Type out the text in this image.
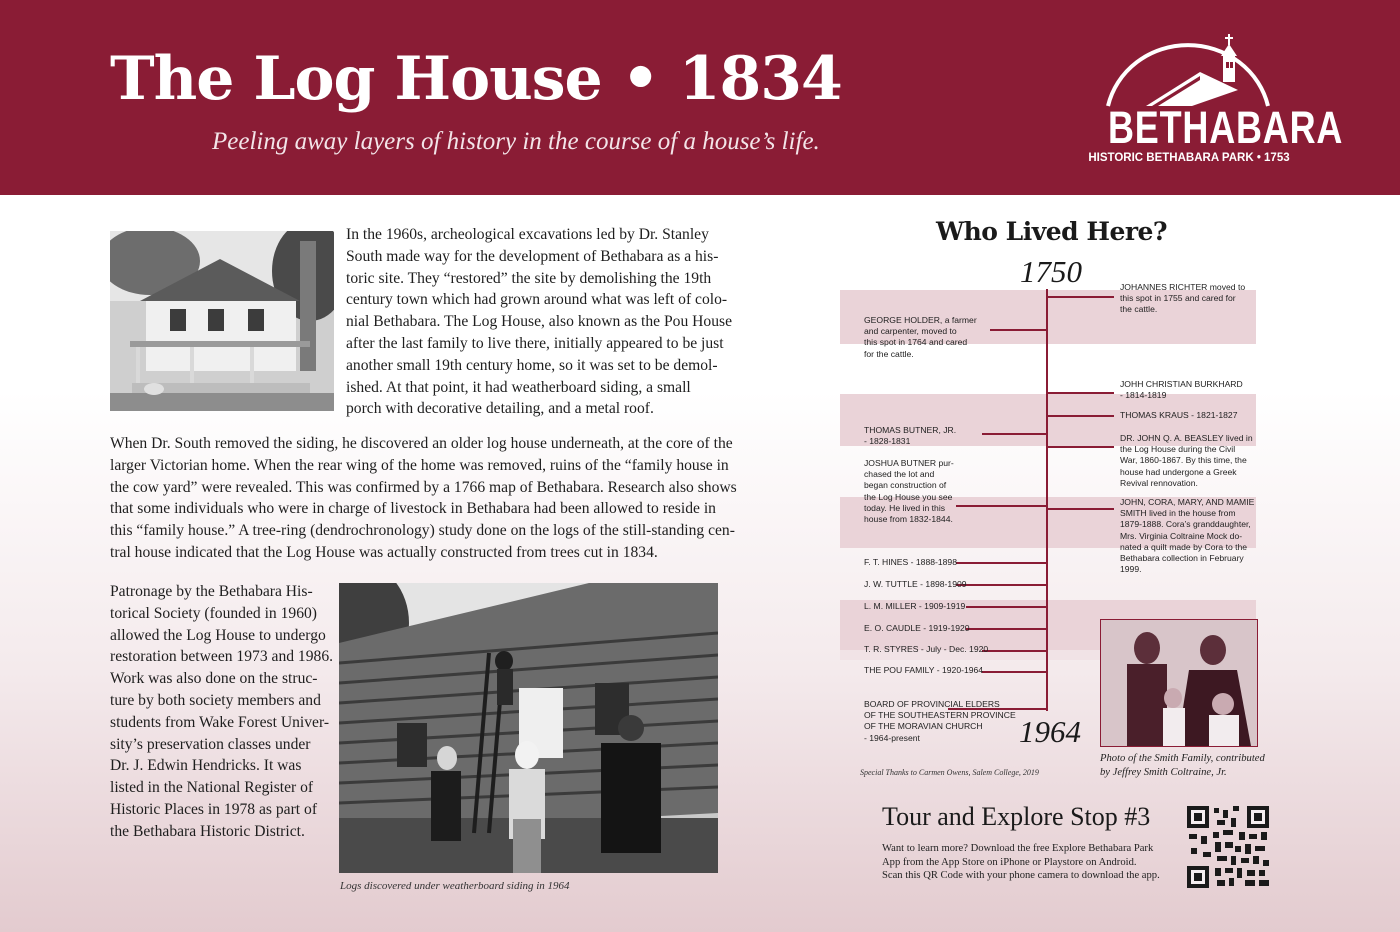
The Log House • 1834
Peeling away layers of history in the course of a house’s life.	BETHABARA
HISTORIC BETHABARA PARK • 1753
In the 1960s, archeological excavations led by Dr. Stanley
South made way for the development of Bethabara as a his-
toric site. They “restored” the site by demolishing the 19th
century town which had grown around what was left of colo-
nial Bethabara. The Log House, also known as the Pou House
after the last family to live there, initially appeared to be just
another small 19th century home, so it was set to be demol-
ished. At that point, it had weatherboard siding, a small
porch with decorative detailing, and a metal roof.
When Dr. South removed the siding, he discovered an older log house underneath, at the core of the
larger Victorian home. When the rear wing of the home was removed, ruins of the “family house in
the cow yard” were revealed. This was confirmed by a 1766 map of Bethabara. Research also shows
that some individuals who were in charge of livestock in Bethabara had been allowed to reside in
this “family house.” A tree-ring (dendrochronology) study done on the logs of the still-standing cen-
tral house indicated that the Log House was actually constructed from trees cut in 1834.
Patronage by the Bethabara His-
torical Society (founded in 1960)
allowed the Log House to undergo
restoration between 1973 and 1986.
Work was also done on the struc-
ture by both society members and
students from Wake Forest Univer-
sity’s preservation classes under
Dr. J. Edwin Hendricks. It was
listed in the National Register of
Historic Places in 1978 as part of
the Bethabara Historic District.
Logs discovered under weatherboard siding in 1964
Who Lived Here?
1750
1964
GEORGE HOLDER, a farmer
and carpenter, moved to
this spot in 1764 and cared
for the cattle.
THOMAS BUTNER, JR.
- 1828-1831
JOSHUA BUTNER pur-
chased the lot and
began construction of
the Log House you see
today. He lived in this
house from 1832-1844.
F. T. HINES - 1888-1898
J. W. TUTTLE - 1898-1909
L. M. MILLER - 1909-1919
E. O. CAUDLE - 1919-1920
T. R. STYRES - July - Dec. 1920
THE POU FAMILY - 1920-1964
BOARD OF PROVINCIAL ELDERS
OF THE SOUTHEASTERN PROVINCE
OF THE MORAVIAN CHURCH
- 1964-present
JOHANNES RICHTER moved to
this spot in 1755 and cared for
the cattle.
JOHH CHRISTIAN BURKHARD
- 1814-1819
THOMAS KRAUS - 1821-1827
DR. JOHN Q. A. BEASLEY lived in
the Log House during the Civil
War, 1860-1867. By this time, the
house had undergone a Greek
Revival rennovation.
JOHN, CORA, MARY, AND MAMIE
SMITH lived in the house from
1879-1888. Cora’s granddaughter,
Mrs. Virginia Coltraine Mock do-
nated a quilt made by Cora to the
Bethabara collection in February
1999.
Photo of the Smith Family, contributed
by Jeffrey Smith Coltraine, Jr.
Special Thanks to Carmen Owens, Salem College, 2019
Tour and Explore Stop #3
Want to learn more? Download the free Explore Bethabara Park
App from the App Store on iPhone or Playstore on Android.
Scan this QR Code with your phone camera to download the app.
